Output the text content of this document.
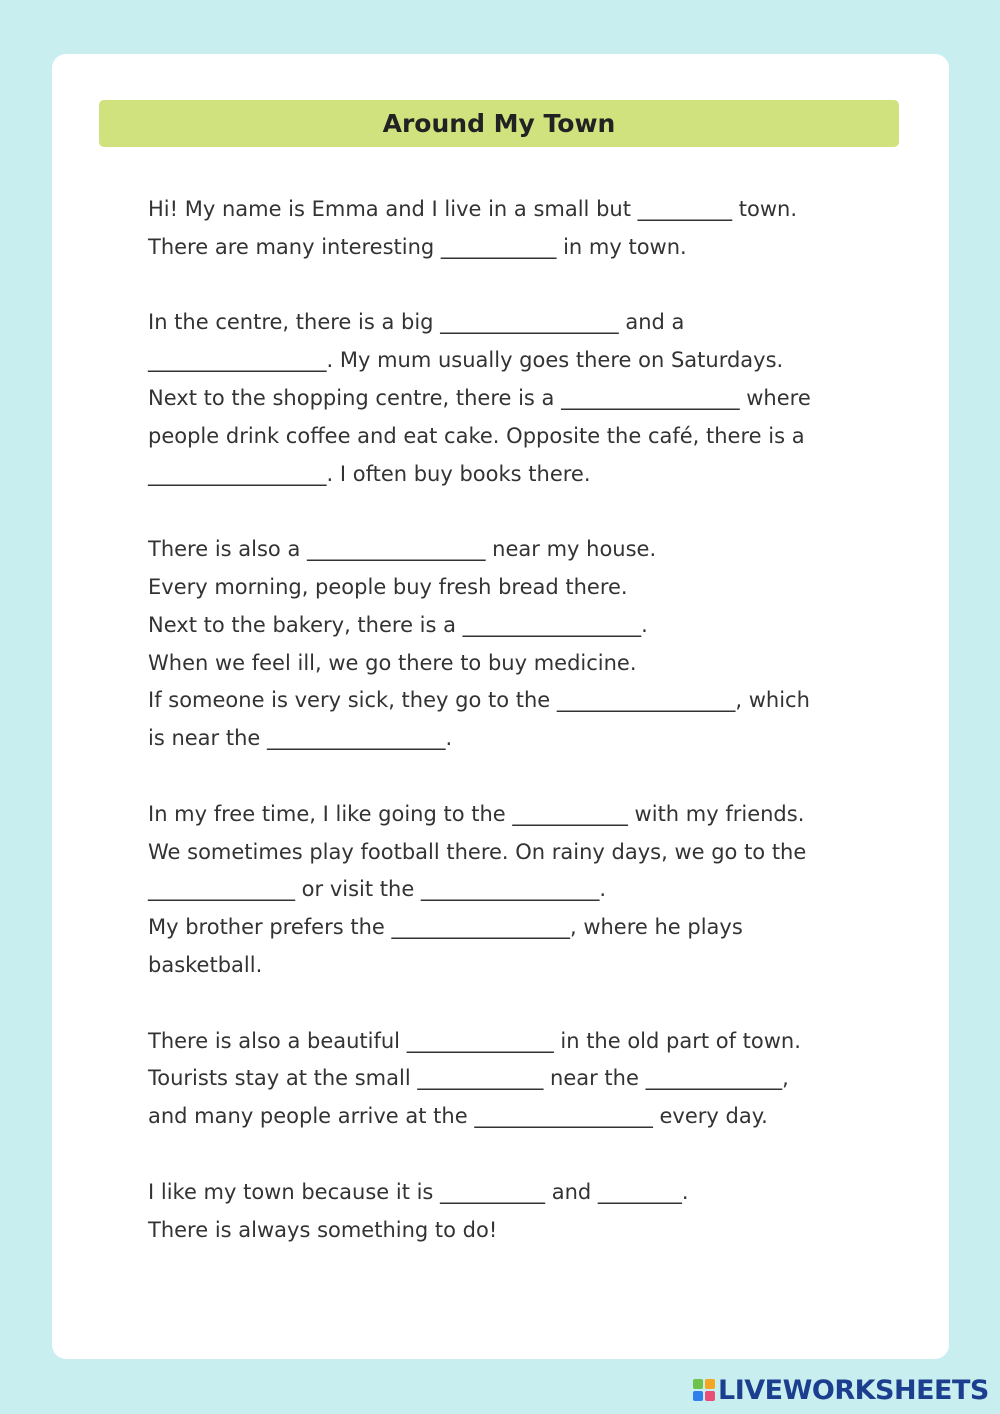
Around My Town
Hi! My name is Emma and I live in a small but _________ town.
There are many interesting ___________ in my town.
In the centre, there is a big _________________ and a
_________________. My mum usually goes there on Saturdays.
Next to the shopping centre, there is a _________________ where
people drink coffee and eat cake. Opposite the café, there is a
_________________. I often buy books there.
There is also a _________________ near my house.
Every morning, people buy fresh bread there.
Next to the bakery, there is a _________________.
When we feel ill, we go there to buy medicine.
If someone is very sick, they go to the _________________, which
is near the _________________.
In my free time, I like going to the ___________ with my friends.
We sometimes play football there. On rainy days, we go to the
______________ or visit the _________________.
My brother prefers the _________________, where he plays
basketball.
There is also a beautiful ______________ in the old part of town.
Tourists stay at the small ____________ near the _____________,
and many people arrive at the _________________ every day.
I like my town because it is __________ and ________.
There is always something to do!
LIVEWORKSHEETS
